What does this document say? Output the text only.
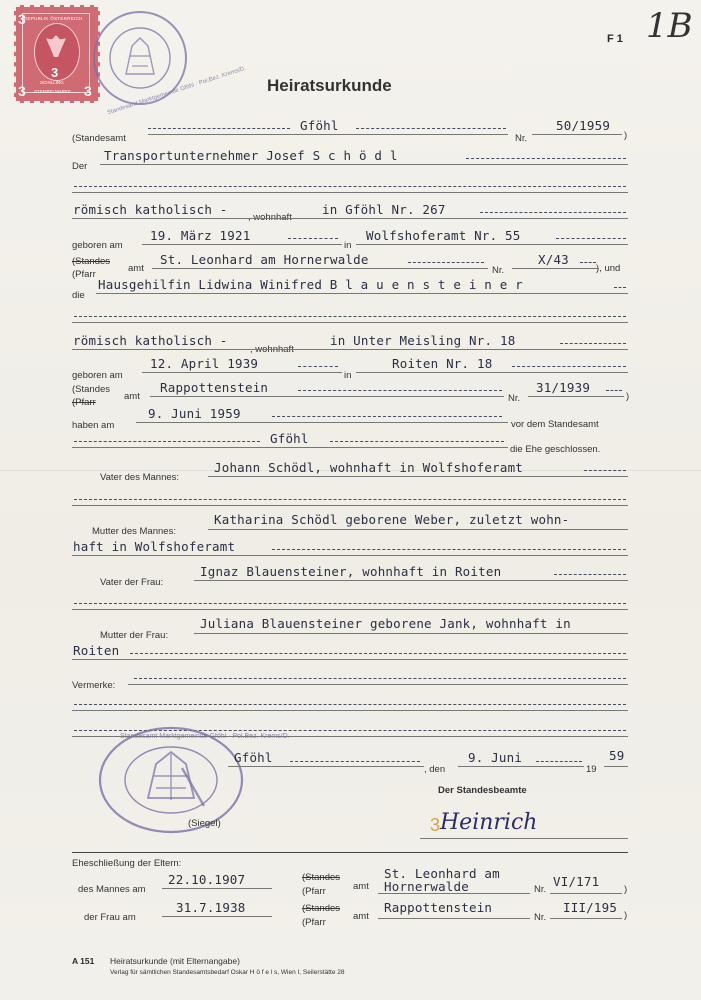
3
3	3
3
REPUBLIK ÖSTERREICH
SCHILLING
STEMPELMARKE	Standesamt Marktgemeinde Gföhl · Pol.Bez. Krems/D.
F 1 1B
Heiratsurkunde
(Standesamt
Gföhl
Nr.
50/1959
)
Der
Transportunternehmer Josef S c h ö d l
römisch katholisch -
, wohnhaft
in Gföhl Nr. 267
geboren am
19. März 1921
in
Wolfshoferamt Nr. 55
(Standes
(Pfarr
amt
St. Leonhard am Hornerwalde
Nr.
X/43
), und
die
Hausgehilfin Lidwina Winifred B l a u e n s t e i n e r
römisch katholisch -
, wohnhaft
in Unter Meisling Nr. 18
geboren am
12. April 1939
in
Roiten Nr. 18
(Standes
(Pfarr
amt
Rappottenstein
Nr.
31/1939
)
haben am
9. Juni 1959
vor dem Standesamt
Gföhl
die Ehe geschlossen.
Vater des Mannes:
Johann Schödl, wohnhaft in Wolfshoferamt
Mutter des Mannes:
Katharina Schödl geborene Weber, zuletzt wohn-
haft in Wolfshoferamt
Vater der Frau:
Ignaz Blauensteiner, wohnhaft in Roiten
Mutter der Frau:
Juliana Blauensteiner geborene Jank, wohnhaft in
Roiten
Vermerke:
Standesamt Marktgemeinde Gföhl · Pol.Bez. Krems/D.
(Siegel)
Gföhl
, den
9. Juni
19
59
Der Standesbeamte
Heinrich
3
Eheschließung der Eltern:
des Mannes am
22.10.1907	(Standes
(Pfarr	amt
St. Leonhard am
Hornerwalde	Nr.
VI/171
)
der Frau am
31.7.1938	(Standes
(Pfarr
amt
Rappottenstein
Nr.
III/195
)
A 151 Heiratsurkunde (mit Elternangabe)
Verlag für sämtlichen Standesamtsbedarf Oskar H ö f e l s, Wien I, Seilerstätte 28
